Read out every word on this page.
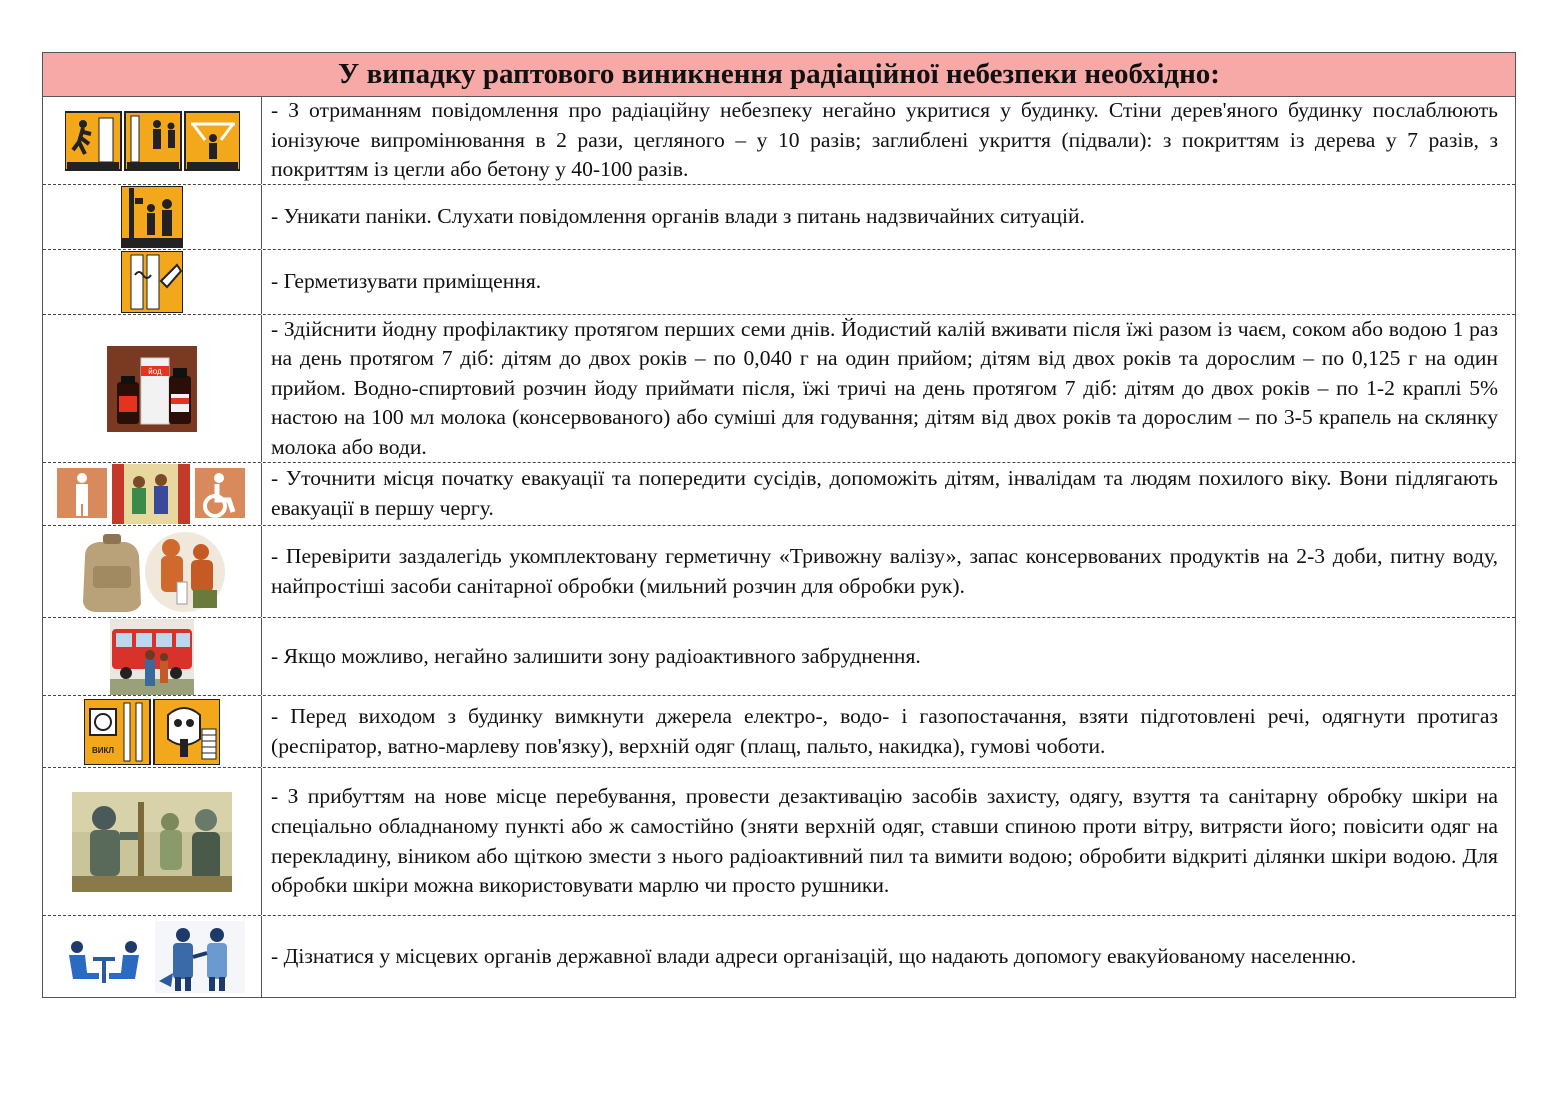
У випадку раптового виникнення радіаційної небезпеки необхідно:
- З отриманням повідомлення про радіаційну небезпеку негайно укритися у будинку. Стіни дерев'яного будинку послаблюють іонізуюче випромінювання в 2 рази, цегляного – у 10 разів; заглиблені укриття (підвали): з покриттям із дерева у 7 разів, з покриттям із цегли або бетону у 40-100 разів.
- Уникати паніки. Слухати повідомлення органів влади з питань надзвичайних ситуацій.
- Герметизувати приміщення.
йод
- Здійснити йодну профілактику протягом перших семи днів. Йодистий калій вживати після їжі разом із чаєм, соком або водою 1 раз на день протягом 7 діб: дітям до двох років – по 0,040 г на один прийом; дітям від двох років та дорослим – по 0,125 г на один прийом. Водно-спиртовий розчин йоду приймати після, їжі тричі на день протягом 7 діб: дітям до двох років – по 1-2 краплі 5% настою на 100 мл молока (консервованого) або суміші для годування; дітям від двох років та дорослим – по 3-5 крапель на склянку молока або води.
- Уточнити місця початку евакуації та попередити сусідів, допоможіть дітям, інвалідам та людям похилого віку. Вони підлягають евакуації в першу чергу.
- Перевірити заздалегідь укомплектовану герметичну «Тривожну валізу», запас консервованих продуктів на 2-3 доби, питну воду, найпростіші засоби санітарної обробки (мильний розчин для обробки рук).
- Якщо можливо, негайно залишити зону радіоактивного забруднення.
ВИКЛ
- Перед виходом з будинку вимкнути джерела електро-, водо- і газопостачання, взяти підготовлені речі, одягнути протигаз (респіратор, ватно-марлеву пов'язку), верхній одяг (плащ, пальто, накидка), гумові чоботи.
- З прибуттям на нове місце перебування, провести дезактивацію засобів захисту, одягу, взуття та санітарну обробку шкіри на спеціально обладнаному пункті або ж самостійно (зняти верхній одяг, ставши спиною проти вітру, витрясти його; повісити одяг на перекладину, віником або щіткою змести з нього радіоактивний пил та вимити водою; обробити відкриті ділянки шкіри водою. Для обробки шкіри можна використовувати марлю чи просто рушники.
- Дізнатися у місцевих органів державної влади адреси організацій, що надають допомогу евакуйованому населенню.
